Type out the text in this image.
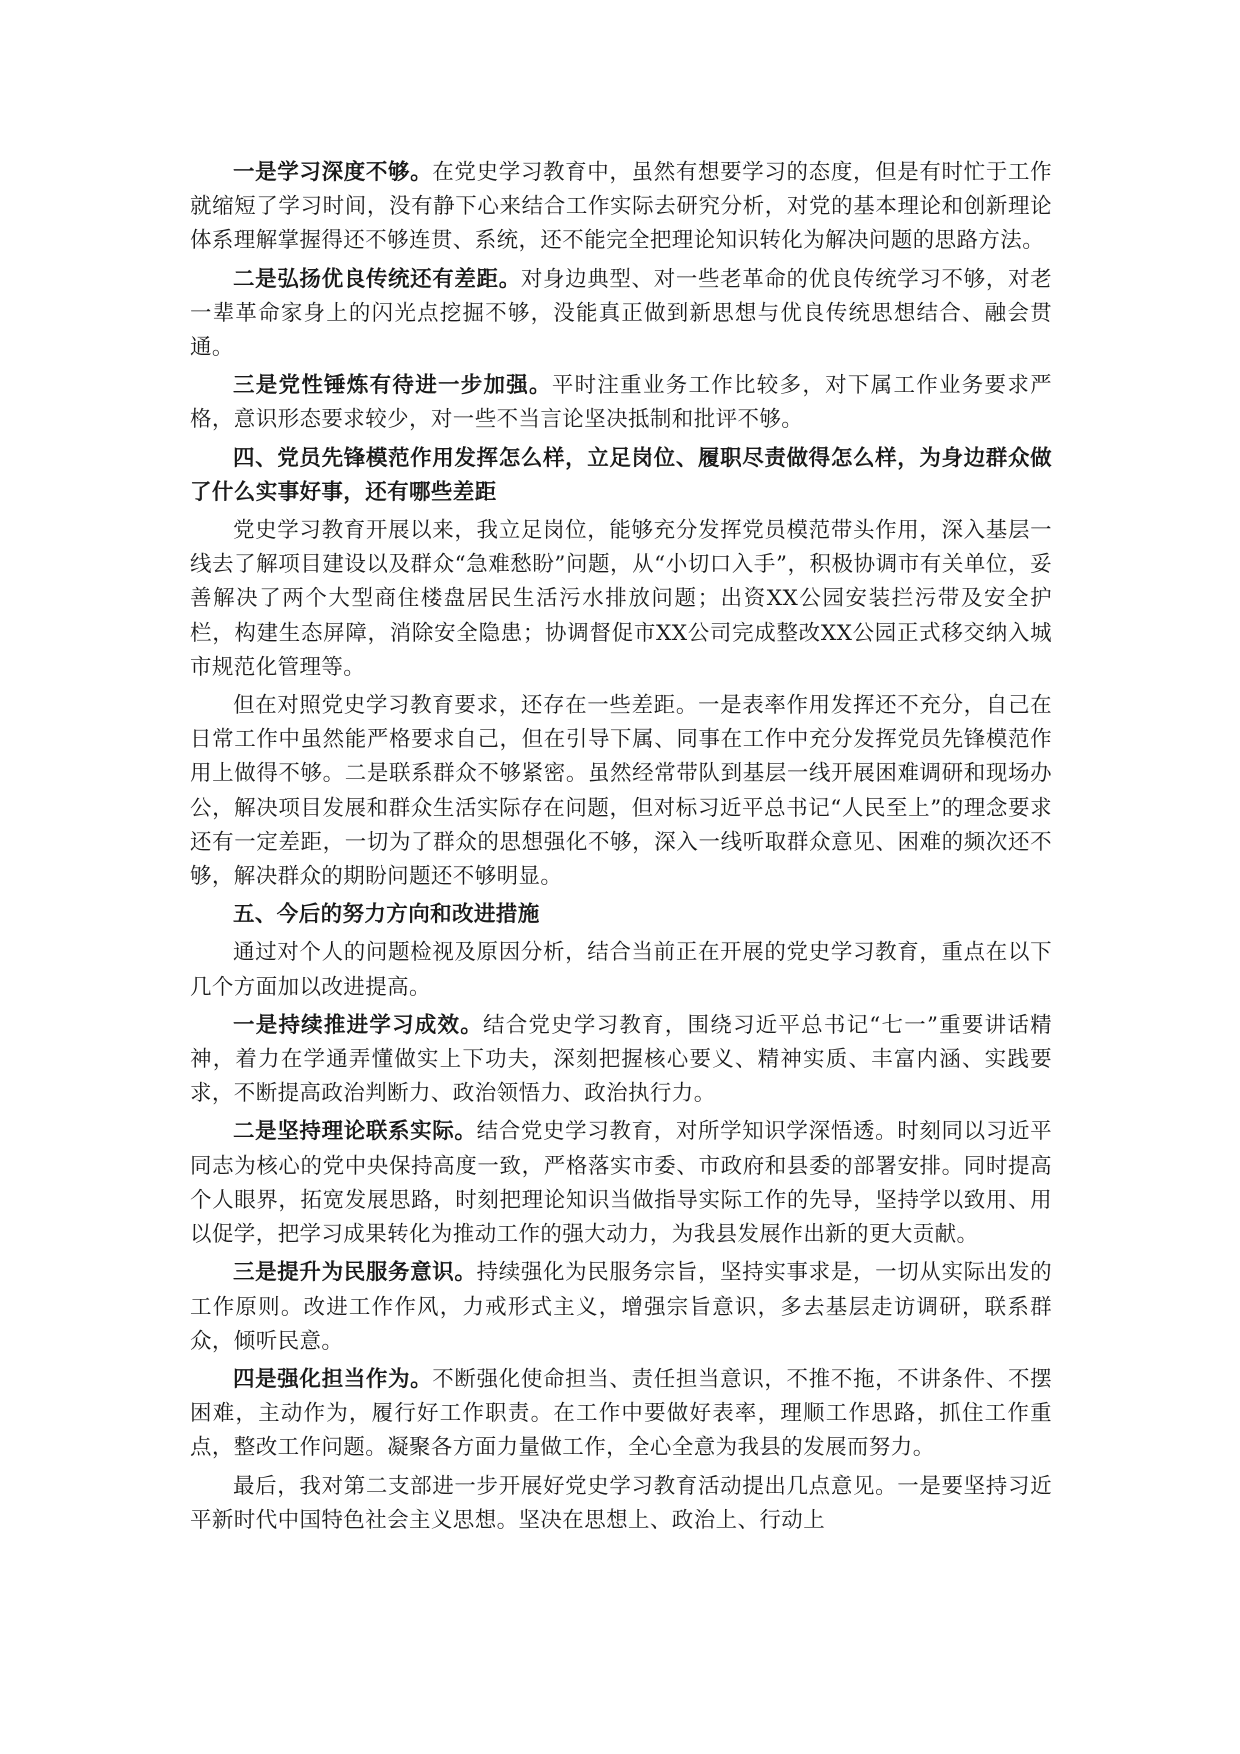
一是学习深度不够。在党史学习教育中，虽然有想要学习的态度，但是有时忙于工作就缩短了学习时间，没有静下心来结合工作实际去研究分析，对党的基本理论和创新理论体系理解掌握得还不够连贯、系统，还不能完全把理论知识转化为解决问题的思路方法。

二是弘扬优良传统还有差距。对身边典型、对一些老革命的优良传统学习不够，对老一辈革命家身上的闪光点挖掘不够，没能真正做到新思想与优良传统思想结合、融会贯通。

三是党性锤炼有待进一步加强。平时注重业务工作比较多，对下属工作业务要求严格，意识形态要求较少，对一些不当言论坚决抵制和批评不够。

四、党员先锋模范作用发挥怎么样，立足岗位、履职尽责做得怎么样，为身边群众做了什么实事好事，还有哪些差距

党史学习教育开展以来，我立足岗位，能够充分发挥党员模范带头作用，深入基层一线去了解项目建设以及群众“急难愁盼”问题，从“小切口入手”，积极协调市有关单位，妥善解决了两个大型商住楼盘居民生活污水排放问题；出资XX公园安装拦污带及安全护栏，构建生态屏障，消除安全隐患；协调督促市XX公司完成整改XX公园正式移交纳入城市规范化管理等。

但在对照党史学习教育要求，还存在一些差距。一是表率作用发挥还不充分，自己在日常工作中虽然能严格要求自己，但在引导下属、同事在工作中充分发挥党员先锋模范作用上做得不够。二是联系群众不够紧密。虽然经常带队到基层一线开展困难调研和现场办公，解决项目发展和群众生活实际存在问题，但对标习近平总书记“人民至上”的理念要求还有一定差距，一切为了群众的思想强化不够，深入一线听取群众意见、困难的频次还不够，解决群众的期盼问题还不够明显。

五、今后的努力方向和改进措施

通过对个人的问题检视及原因分析，结合当前正在开展的党史学习教育，重点在以下几个方面加以改进提高。

一是持续推进学习成效。结合党史学习教育，围绕习近平总书记“七一”重要讲话精神，着力在学通弄懂做实上下功夫，深刻把握核心要义、精神实质、丰富内涵、实践要求，不断提高政治判断力、政治领悟力、政治执行力。

二是坚持理论联系实际。结合党史学习教育，对所学知识学深悟透。时刻同以习近平同志为核心的党中央保持高度一致，严格落实市委、市政府和县委的部署安排。同时提高个人眼界，拓宽发展思路，时刻把理论知识当做指导实际工作的先导，坚持学以致用、用以促学，把学习成果转化为推动工作的强大动力，为我县发展作出新的更大贡献。

三是提升为民服务意识。持续强化为民服务宗旨，坚持实事求是，一切从实际出发的工作原则。改进工作作风，力戒形式主义，增强宗旨意识，多去基层走访调研，联系群众，倾听民意。

四是强化担当作为。不断强化使命担当、责任担当意识，不推不拖，不讲条件、不摆困难，主动作为，履行好工作职责。在工作中要做好表率，理顺工作思路，抓住工作重点，整改工作问题。凝聚各方面力量做工作，全心全意为我县的发展而努力。

最后，我对第二支部进一步开展好党史学习教育活动提出几点意见。一是要坚持习近平新时代中国特色社会主义思想。坚决在思想上、政治上、行动上
